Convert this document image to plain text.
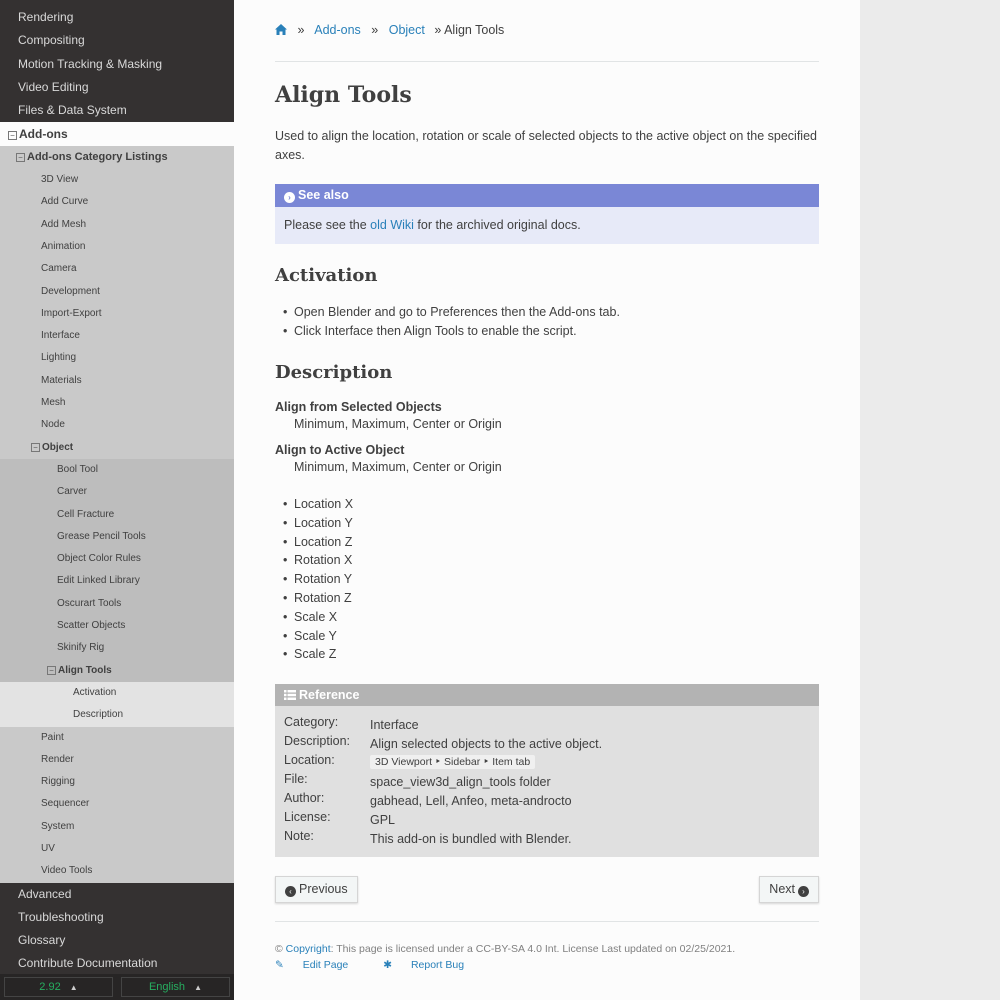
Rendering
Compositing
Motion Tracking & Masking
Video Editing
Files & Data System
− Add-ons
− Add-ons Category Listings
3D View
Add Curve
Add Mesh
Animation
Camera
Development
Import-Export
Interface
Lighting
Materials
Mesh
Node
− Object
Bool Tool
Carver
Cell Fracture
Grease Pencil Tools
Object Color Rules
Edit Linked Library
Oscurart Tools
Scatter Objects
Skinify Rig
− Align Tools
Activation
Description
Paint
Render
Rigging
Sequencer
System
UV
Video Tools
Advanced
Troubleshooting
Glossary
Contribute Documentation
2.92 ▲	English ▲
» Add-ons » Object » Align Tools
Align Tools
Used to align the location, rotation or scale of selected objects to the active object on the specified
axes.
› See also
Please see the old Wiki for the archived original docs.
Activation
• Open Blender and go to Preferences then the Add-ons tab.
• Click Interface then Align Tools to enable the script.
Description
Align from Selected Objects
Minimum, Maximum, Center or Origin
Align to Active Object
Minimum, Maximum, Center or Origin
• Location X
• Location Y
• Location Z
• Rotation X
• Rotation Y
• Rotation Z
• Scale X
• Scale Y
• Scale Z
Reference
Category:	Interface
Description: Align selected objects to the active object.
Location:	3D Viewport ‣ Sidebar ‣ Item tab
File:	space_view3d_align_tools folder
Author:	gabhead, Lell, Anfeo, meta-androcto
License:	GPL
Note:	This add-on is bundled with Blender.
‹ Previous	Next ›
© Copyright: This page is licensed under a CC-BY-SA 4.0 Int. License Last updated on 02/25/2021.
✎ Edit Page	✱ Report Bug
